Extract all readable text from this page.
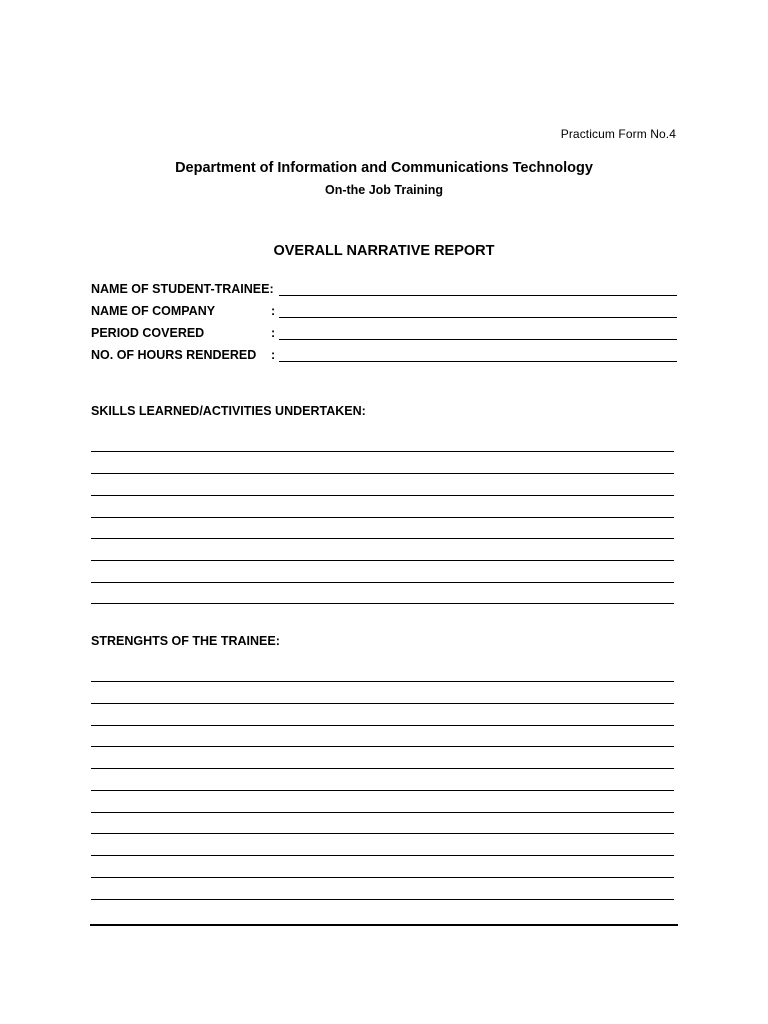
Practicum Form No.4
Department of Information and Communications Technology
On-the Job Training
OVERALL NARRATIVE REPORT
NAME OF STUDENT-TRAINEE:
NAME OF COMPANY	:
PERIOD COVERED	:
NO. OF HOURS RENDERED :
SKILLS LEARNED/ACTIVITIES UNDERTAKEN:
STRENGHTS OF THE TRAINEE:
